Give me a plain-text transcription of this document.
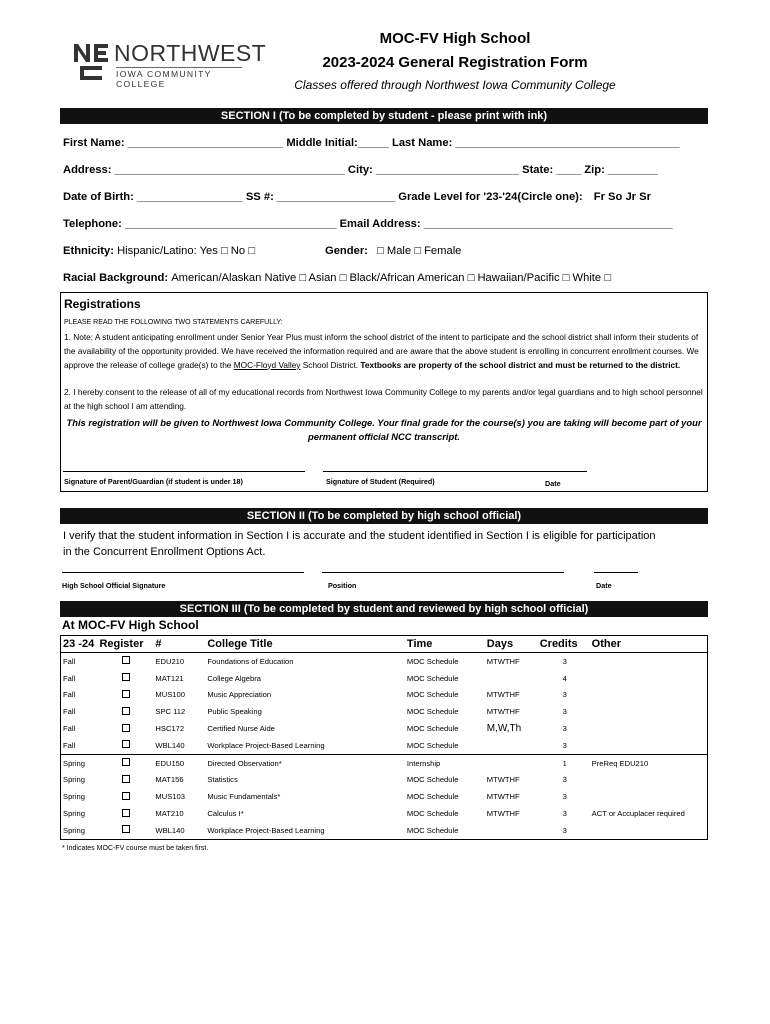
NORTHWEST
IOWA COMMUNITY COLLEGE
MOC-FV High School
2023-2024 General Registration Form
Classes offered through Northwest Iowa Community College
SECTION I (To be completed by student - please print with ink)
First Name: _________________________ Middle Initial:_____ Last Name: ____________________________________
Address: _____________________________________ City: _______________________ State: ____ Zip: ________
Date of Birth: _________________ SS #: ___________________ Grade Level for '23-'24(Circle one): Fr So Jr Sr
Telephone: __________________________________ Email Address: ________________________________________
Ethnicity: Hispanic/Latino: Yes □ No □	Gender: □ Male □ Female
Racial Background: American/Alaskan Native □ Asian □ Black/African American □ Hawaiian/Pacific □ White □
Registrations
PLEASE READ THE FOLLOWING TWO STATEMENTS CAREFULLY:
1. Note: A student anticipating enrollment under Senior Year Plus must inform the school district of the intent to participate and the school district shall inform their students of the availability of the opportunity provided. We have received the information required and are aware that the above student is enrolling in concurrent enrollment courses. We approve the release of college grade(s) to the MOC-Floyd Valley School District. Textbooks are property of the school district and must be returned to the district.
2. I hereby consent to the release of all of my educational records from Northwest Iowa Community College to my parents and/or legal guardians and to high school personnel at the high school I am attending.
This registration will be given to Northwest Iowa Community College. Your final grade for the course(s) you are taking will become part of your permanent official NCC transcript.
Signature of Parent/Guardian (if student is under 18)	Signature of Student (Required)	Date
SECTION II (To be completed by high school official)
I verify that the student information in Section I is accurate and the student identified in Section I is eligible for participation in the Concurrent Enrollment Options Act.
High School Official Signature	Position	Date
SECTION III (To be completed by student and reviewed by high school official)
At MOC-FV High School
23 -24	Register	#	College Title	Time	Days	Credits	Other
Fall		EDU210	Foundations of Education	MOC Schedule	MTWTHF	3	
Fall		MAT121	College Algebra	MOC Schedule		4	
Fall		MUS100	Music Appreciation	MOC Schedule	MTWTHF	3	
Fall		SPC 112	Public Speaking	MOC Schedule	MTWTHF	3	
Fall		HSC172	Certified Nurse Aide	MOC Schedule	M,W,Th	3	
Fall		WBL140	Workplace Project-Based Learning	MOC Schedule		3	
Spring		EDU150	Directed Observation*	Internship		1	PreReq EDU210
Spring		MAT156	Statistics	MOC Schedule	MTWTHF	3	
Spring		MUS103	Music Fundamentals*	MOC Schedule	MTWTHF	3	
Spring		MAT210	Calculus I*	MOC Schedule	MTWTHF	3	ACT or Accuplacer required
Spring		WBL140	Workplace Project-Based Learning	MOC Schedule		3	
* Indicates MOC-FV course must be taken first.
